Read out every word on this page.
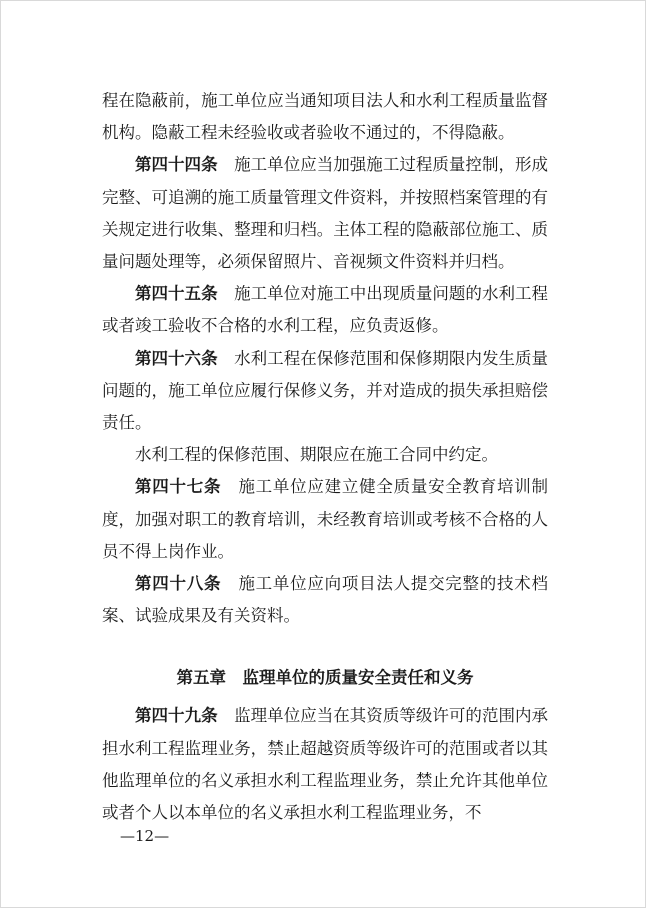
程在隐蔽前，施工单位应当通知项目法人和水利工程质量监督机构。隐蔽工程未经验收或者验收不通过的，不得隐蔽。

第四十四条  施工单位应当加强施工过程质量控制，形成完整、可追溯的施工质量管理文件资料，并按照档案管理的有关规定进行收集、整理和归档。主体工程的隐蔽部位施工、质量问题处理等，必须保留照片、音视频文件资料并归档。

第四十五条  施工单位对施工中出现质量问题的水利工程或者竣工验收不合格的水利工程，应负责返修。

第四十六条  水利工程在保修范围和保修期限内发生质量问题的，施工单位应履行保修义务，并对造成的损失承担赔偿责任。

水利工程的保修范围、期限应在施工合同中约定。

第四十七条  施工单位应建立健全质量安全教育培训制度，加强对职工的教育培训，未经教育培训或考核不合格的人员不得上岗作业。

第四十八条  施工单位应向项目法人提交完整的技术档案、试验成果及有关资料。

第五章  监理单位的质量安全责任和义务

第四十九条  监理单位应当在其资质等级许可的范围内承担水利工程监理业务，禁止超越资质等级许可的范围或者以其他监理单位的名义承担水利工程监理业务，禁止允许其他单位或者个人以本单位的名义承担水利工程监理业务，不

—12—
